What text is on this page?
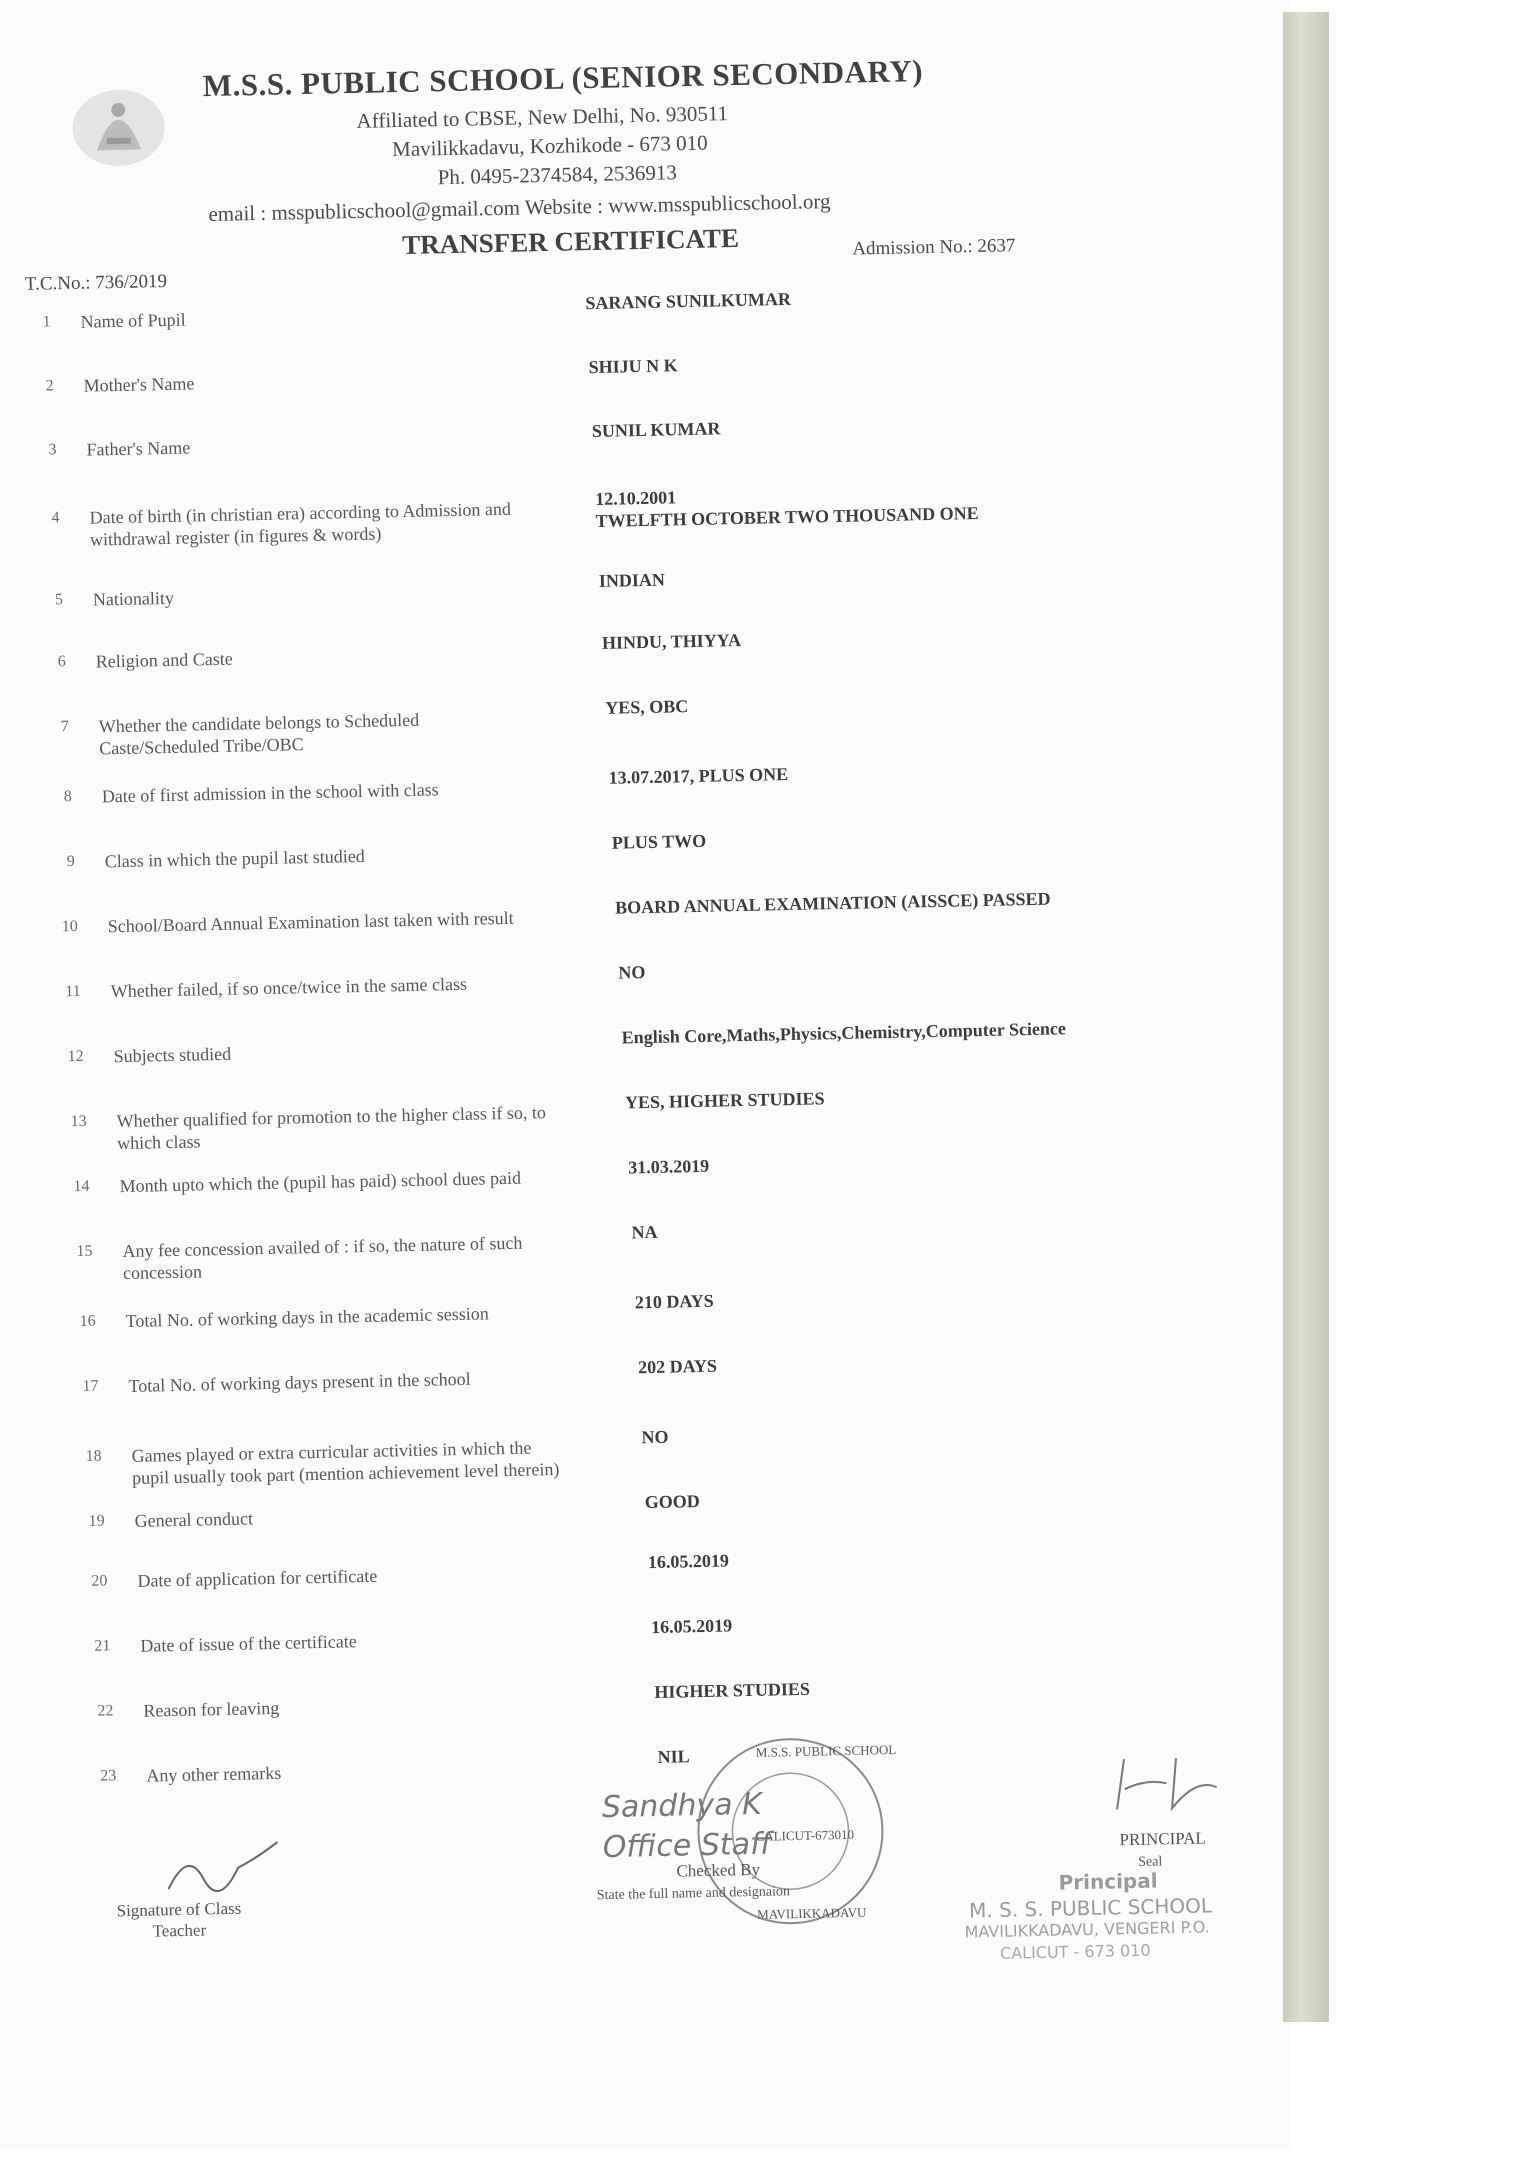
M.S.S. PUBLIC SCHOOL (SENIOR SECONDARY)
Affiliated to CBSE, New Delhi, No. 930511
Mavilikkadavu, Kozhikode - 673 010
Ph. 0495-2374584, 2536913
email : msspublicschool@gmail.com Website : www.msspublicschool.org
TRANSFER CERTIFICATE
T.C.No.: 736/2019
Admission No.: 2637
1 Name of Pupil
SARANG SUNILKUMAR
2 Mother's Name
SHIJU N K
3 Father's Name
SUNIL KUMAR
4 Date of birth (in christian era) according to Admission and withdrawal register (in figures & words)
12.10.2001
TWELFTH OCTOBER TWO THOUSAND ONE
5 Nationality
INDIAN
6 Religion and Caste
HINDU, THIYYA
7 Whether the candidate belongs to Scheduled Caste/Scheduled Tribe/OBC
YES, OBC
8 Date of first admission in the school with class
13.07.2017, PLUS ONE
9 Class in which the pupil last studied
PLUS TWO
10 School/Board Annual Examination last taken with result
BOARD ANNUAL EXAMINATION (AISSCE) PASSED
11 Whether failed, if so once/twice in the same class
NO
12 Subjects studied
English Core,Maths,Physics,Chemistry,Computer Science
13 Whether qualified for promotion to the higher class if so, to which class
YES, HIGHER STUDIES
14 Month upto which the (pupil has paid) school dues paid
31.03.2019
15 Any fee concession availed of : if so, the nature of such concession
NA
16 Total No. of working days in the academic session
210 DAYS
17 Total No. of working days present in the school
202 DAYS
18 Games played or extra curricular activities in which the pupil usually took part (mention achievement level therein)
NO
19 General conduct
GOOD
20 Date of application for certificate
16.05.2019
21 Date of issue of the certificate
16.05.2019
22 Reason for leaving
HIGHER STUDIES
23 Any other remarks
NIL
Signature of Class Teacher
M.S.S. PUBLIC SCHOOL
CALICUT-673010
MAVILIKKADAVU
Sandhya K Office Staff
Checked By
State the full name and designaion
PRINCIPAL
Seal
Principal
M. S. S. PUBLIC SCHOOL
MAVILIKKADAVU, VENGERI P.O.
CALICUT - 673 010
